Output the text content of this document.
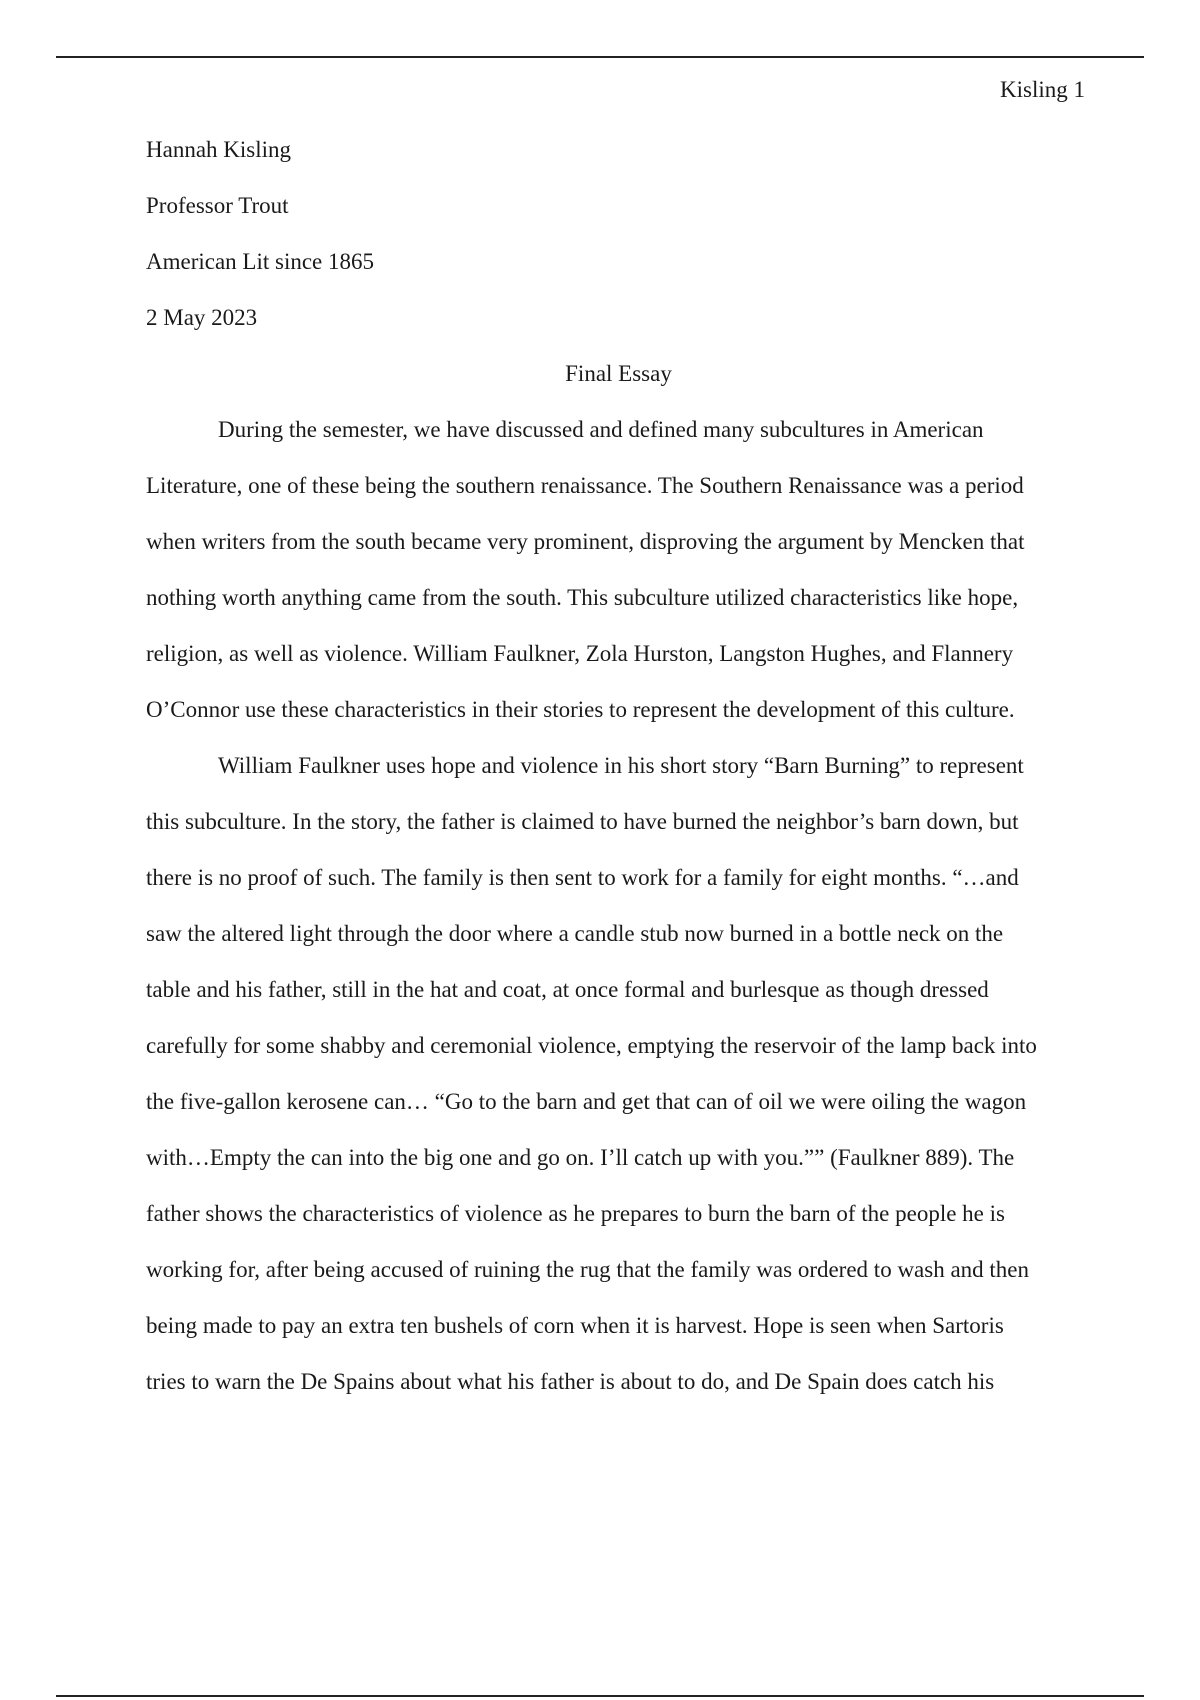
Kisling 1
Hannah Kisling
Professor Trout
American Lit since 1865
2 May 2023
Final Essay
During the semester, we have discussed and defined many subcultures in American
Literature, one of these being the southern renaissance. The Southern Renaissance was a period
when writers from the south became very prominent, disproving the argument by Mencken that
nothing worth anything came from the south. This subculture utilized characteristics like hope,
religion, as well as violence. William Faulkner, Zola Hurston, Langston Hughes, and Flannery
O’Connor use these characteristics in their stories to represent the development of this culture.
William Faulkner uses hope and violence in his short story “Barn Burning” to represent
this subculture. In the story, the father is claimed to have burned the neighbor’s barn down, but
there is no proof of such. The family is then sent to work for a family for eight months. “…and
saw the altered light through the door where a candle stub now burned in a bottle neck on the
table and his father, still in the hat and coat, at once formal and burlesque as though dressed
carefully for some shabby and ceremonial violence, emptying the reservoir of the lamp back into
the five-gallon kerosene can… “Go to the barn and get that can of oil we were oiling the wagon
with…Empty the can into the big one and go on. I’ll catch up with you.”” (Faulkner 889). The
father shows the characteristics of violence as he prepares to burn the barn of the people he is
working for, after being accused of ruining the rug that the family was ordered to wash and then
being made to pay an extra ten bushels of corn when it is harvest. Hope is seen when Sartoris
tries to warn the De Spains about what his father is about to do, and De Spain does catch his
